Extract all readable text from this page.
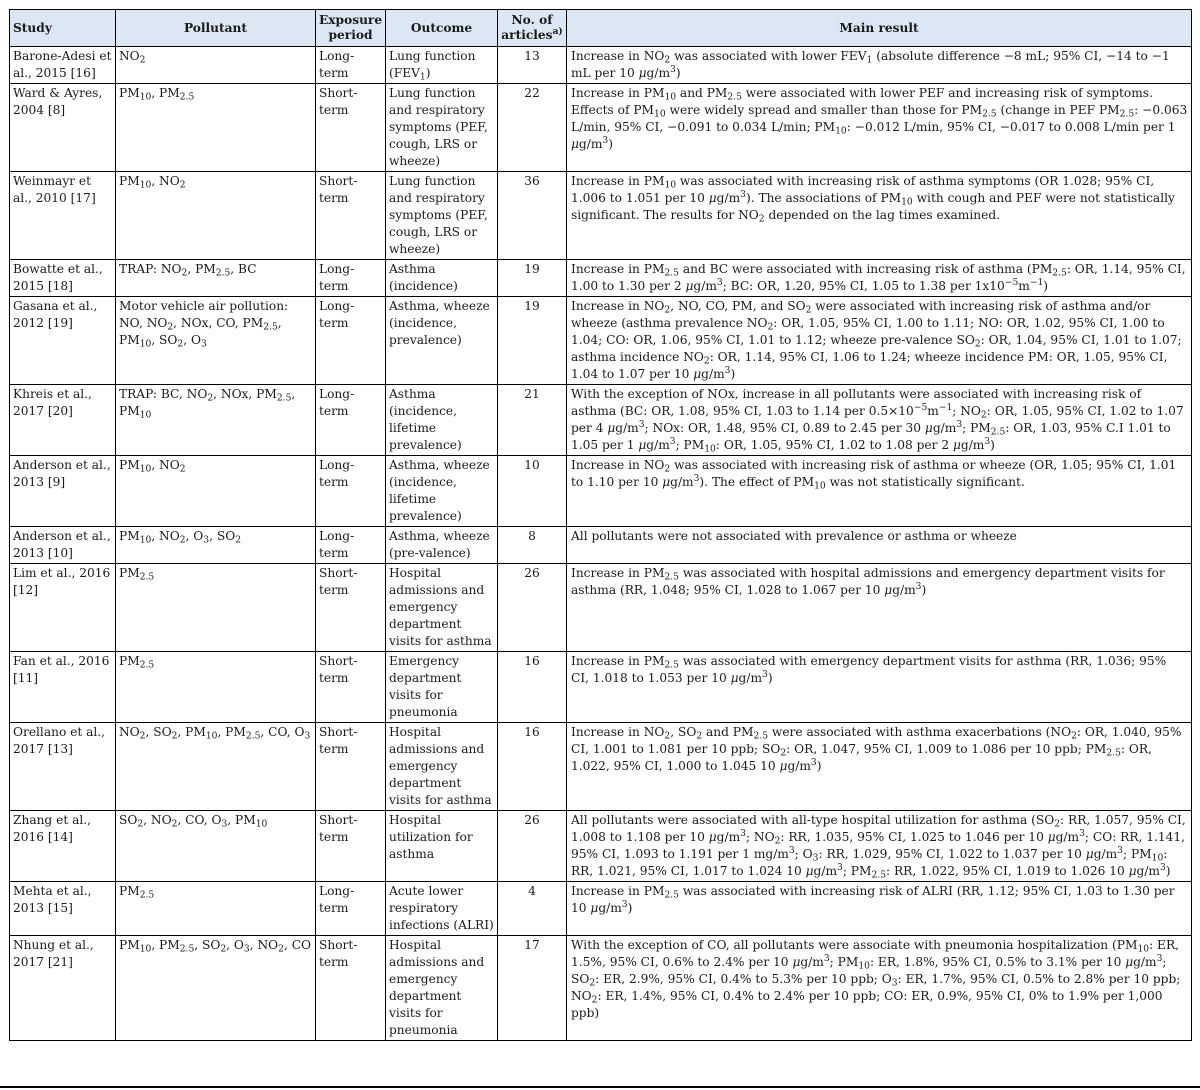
Study	Pollutant	Exposure period	Outcome	No. of articles$^{a)}$	Main result
Barone-Adesi et al., 2015 [16]	$NO_2$	Long-term	Lung function $(FEV_1)$	13	Increase in $NO_2$ was associated with lower $FEV_1$ (absolute difference −8 mL; 95% CI, −14 to −1 mL per 10 $\mu g/m^3$)
Ward & Ayres, 2004 [8]	$PM_{10}$, $PM_{2.5}$	Short-term	Lung function and respiratory symptoms (PEF, cough, LRS or wheeze)	22	Increase in $PM_{10}$ and $PM_{2.5}$ were associated with lower PEF and increasing risk of symptoms. Effects of $PM_{10}$ were widely spread and smaller than those for $PM_{2.5}$ (change in PEF $PM_{2.5}$: −0.063 L/min, 95% CI, −0.091 to 0.034 L/min; $PM_{10}$: −0.012 L/min, 95% CI, −0.017 to 0.008 L/min per 1 $\mu g/m^3$)
Weinmayr et al., 2010 [17]	$PM_{10}$, $NO_2$	Short-term	Lung function and respiratory symptoms (PEF, cough, LRS or wheeze)	36	Increase in $PM_{10}$ was associated with increasing risk of asthma symptoms (OR 1.028; 95% CI, 1.006 to 1.051 per 10 $\mu g/m^3$). The associations of $PM_{10}$ with cough and PEF were not statistically significant. The results for $NO_2$ depended on the lag times examined.
Bowatte et al., 2015 [18]	TRAP: $NO_2$, $PM_{2.5}$, BC	Long-term	Asthma (incidence)	19	Increase in $PM_{2.5}$ and BC were associated with increasing risk of asthma ($PM_{2.5}$: OR, 1.14, 95% CI, 1.00 to 1.30 per 2 $\mu g/m^3$; BC: OR, 1.20, 95% CI, 1.05 to 1.38 per $1x10^{-5}m^{-1}$)
Gasana et al., 2012 [19]	Motor vehicle air pollution: NO, $NO_2$, NOx, CO, $PM_{2.5}$, $PM_{10}$, $SO_2$, $O_3$	Long-term	Asthma, wheeze (incidence, prevalence)	19	Increase in $NO_2$, NO, CO, PM, and $SO_2$ were associated with increasing risk of asthma and/or wheeze (asthma prevalence $NO_2$: OR, 1.05, 95% CI, 1.00 to 1.11; NO: OR, 1.02, 95% CI, 1.00 to 1.04; CO: OR, 1.06, 95% CI, 1.01 to 1.12; wheeze pre-valence $SO_2$: OR, 1.04, 95% CI, 1.01 to 1.07; asthma incidence $NO_2$: OR, 1.14, 95% CI, 1.06 to 1.24; wheeze incidence PM: OR, 1.05, 95% CI, 1.04 to 1.07 per 10 $\mu g/m^3$)
Khreis et al., 2017 [20]	TRAP: BC, $NO_2$, NOx, $PM_{2.5}$, $PM_{10}$	Long-term	Asthma (incidence, lifetime prevalence)	21	With the exception of NOx, increase in all pollutants were associated with increasing risk of asthma (BC: OR, 1.08, 95% CI, 1.03 to 1.14 per $0.5\times 10^{-5}m^{-1}$; $NO_2$: OR, 1.05, 95% CI, 1.02 to 1.07 per 4 $\mu g/m^3$; NOx: OR, 1.48, 95% CI, 0.89 to 2.45 per 30 $\mu g/m^3$; $PM_{2.5}$: OR, 1.03, 95% C.I 1.01 to 1.05 per 1 $\mu g/m^3$; $PM_{10}$: OR, 1.05, 95% CI, 1.02 to 1.08 per 2 $\mu g/m^3$)
Anderson et al., 2013 [9]	$PM_{10}$, $NO_2$	Long-term	Asthma, wheeze (incidence, lifetime prevalence)	10	Increase in $NO_2$ was associated with increasing risk of asthma or wheeze (OR, 1.05; 95% CI, 1.01 to 1.10 per 10 $\mu g/m^3$). The effect of $PM_{10}$ was not statistically significant.
Anderson et al., 2013 [10]	$PM_{10}$, $NO_2$, $O_3$, $SO_2$	Long-term	Asthma, wheeze (pre-valence)	8	All pollutants were not associated with prevalence or asthma or wheeze
Lim et al., 2016 [12]	$PM_{2.5}$	Short-term	Hospital admissions and emergency department visits for asthma	26	Increase in $PM_{2.5}$ was associated with hospital admissions and emergency department visits for asthma (RR, 1.048; 95% CI, 1.028 to 1.067 per 10 $\mu g/m^3$)
Fan et al., 2016 [11]	$PM_{2.5}$	Short-term	Emergency department visits for pneumonia	16	Increase in $PM_{2.5}$ was associated with emergency department visits for asthma (RR, 1.036; 95% CI, 1.018 to 1.053 per 10 $\mu g/m^3$)
Orellano et al., 2017 [13]	$NO_2$, $SO_2$, $PM_{10}$, $PM_{2.5}$, CO, $O_3$	Short-term	Hospital admissions and emergency department visits for asthma	16	Increase in $NO_2$, $SO_2$ and $PM_{2.5}$ were associated with asthma exacerbations ($NO_2$: OR, 1.040, 95% CI, 1.001 to 1.081 per 10 ppb; $SO_2$: OR, 1.047, 95% CI, 1.009 to 1.086 per 10 ppb; $PM_{2.5}$: OR, 1.022, 95% CI, 1.000 to 1.045 10 $\mu g/m^3$)
Zhang et al., 2016 [14]	$SO_2$, $NO_2$, CO, $O_3$, $PM_{10}$	Short-term	Hospital utilization for asthma	26	All pollutants were associated with all-type hospital utilization for asthma ($SO_2$: RR, 1.057, 95% CI, 1.008 to 1.108 per 10 $\mu g/m^3$; $NO_2$: RR, 1.035, 95% CI, 1.025 to 1.046 per 10 $\mu g/m^3$; CO: RR, 1.141, 95% CI, 1.093 to 1.191 per 1 $mg/m^3$; $O_3$: RR, 1.029, 95% CI, 1.022 to 1.037 per 10 $\mu g/m^3$; $PM_{10}$: RR, 1.021, 95% CI, 1.017 to 1.024 10 $\mu g/m^3$; $PM_{2.5}$: RR, 1.022, 95% CI, 1.019 to 1.026 10 $\mu g/m^3$)
Mehta et al., 2013 [15]	$PM_{2.5}$	Long-term	Acute lower respiratory infections (ALRI)	4	Increase in $PM_{2.5}$ was associated with increasing risk of ALRI (RR, 1.12; 95% CI, 1.03 to 1.30 per 10 $\mu g/m^3$)
Nhung et al., 2017 [21]	$PM_{10}$, $PM_{2.5}$, $SO_2$, $O_3$, $NO_2$, CO	Short-term	Hospital admissions and emergency department visits for pneumonia	17	With the exception of CO, all pollutants were associate with pneumonia hospitalization ($PM_{10}$: ER, 1.5%, 95% CI, 0.6% to 2.4% per 10 $\mu g/m^3$; $PM_{10}$: ER, 1.8%, 95% CI, 0.5% to 3.1% per 10 $\mu g/m^3$; $SO_2$: ER, 2.9%, 95% CI, 0.4% to 5.3% per 10 ppb; $O_3$: ER, 1.7%, 95% CI, 0.5% to 2.8% per 10 ppb; $NO_2$: ER, 1.4%, 95% CI, 0.4% to 2.4% per 10 ppb; CO: ER, 0.9%, 95% CI, 0% to 1.9% per 1,000 ppb)
